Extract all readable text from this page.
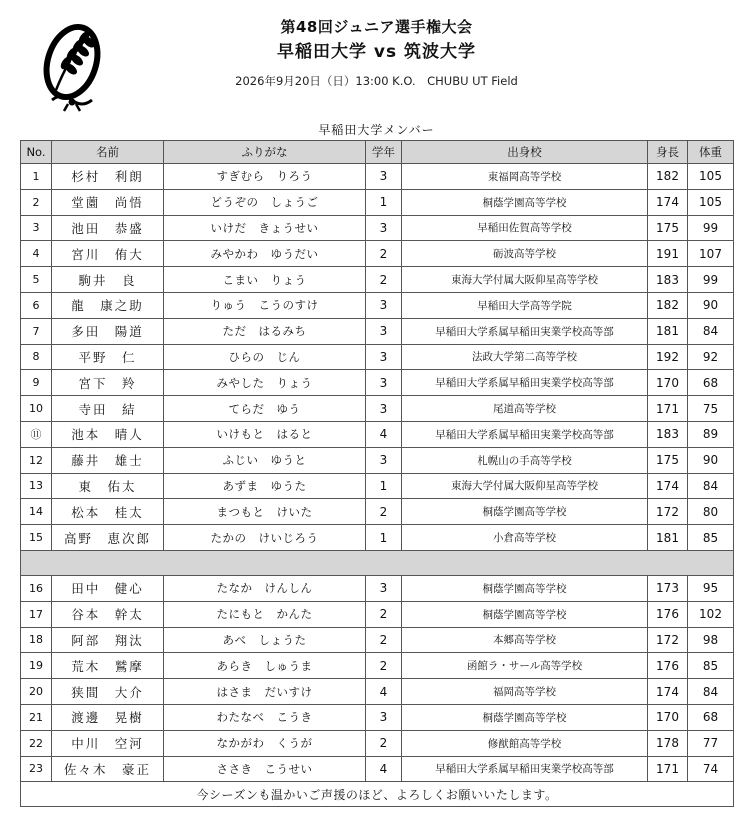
第48回ジュニア選手権大会
早稲田大学 vs 筑波大学
2026年9月20日（日）13:00 K.O.　CHUBU UT Field
早稲田大学メンバー
No.	名前	ふりがな	学年	出身校	身長	体重
1	杉村　利朗	すぎむら　りろう	3	東福岡高等学校	182	105
2	堂薗　尚悟	どうぞの　しょうご	1	桐蔭学園高等学校	174	105
3	池田　恭盛	いけだ　きょうせい	3	早稲田佐賀高等学校	175	99
4	宮川　侑大	みやかわ　ゆうだい	2	砺波高等学校	191	107
5	駒井　良	こまい　りょう	2	東海大学付属大阪仰星高等学校	183	99
6	龍　康之助	りゅう　こうのすけ	3	早稲田大学高等学院	182	90
7	多田　陽道	ただ　はるみち	3	早稲田大学系属早稲田実業学校高等部	181	84
8	平野　仁	ひらの　じん	3	法政大学第二高等学校	192	92
9	宮下　羚	みやした　りょう	3	早稲田大学系属早稲田実業学校高等部	170	68
10	寺田　結	てらだ　ゆう	3	尾道高等学校	171	75
⑪	池本　晴人	いけもと　はると	4	早稲田大学系属早稲田実業学校高等部	183	89
12	藤井　雄士	ふじい　ゆうと	3	札幌山の手高等学校	175	90
13	東　佑太	あずま　ゆうた	1	東海大学付属大阪仰星高等学校	174	84
14	松本　桂太	まつもと　けいた	2	桐蔭学園高等学校	172	80
15	高野　恵次郎	たかの　けいじろう	1	小倉高等学校	181	85

16	田中　健心	たなか　けんしん	3	桐蔭学園高等学校	173	95
17	谷本　幹太	たにもと　かんた	2	桐蔭学園高等学校	176	102
18	阿部　翔汰	あべ　しょうた	2	本郷高等学校	172	98
19	荒木　鷲摩	あらき　しゅうま	2	函館ラ・サール高等学校	176	85
20	狭間　大介	はさま　だいすけ	4	福岡高等学校	174	84
21	渡邊　晃樹	わたなべ　こうき	3	桐蔭学園高等学校	170	68
22	中川　空河	なかがわ　くうが	2	修猷館高等学校	178	77
23	佐々木　豪正	ささき　こうせい	4	早稲田大学系属早稲田実業学校高等部	171	74
今シーズンも温かいご声援のほど、よろしくお願いいたします。						
